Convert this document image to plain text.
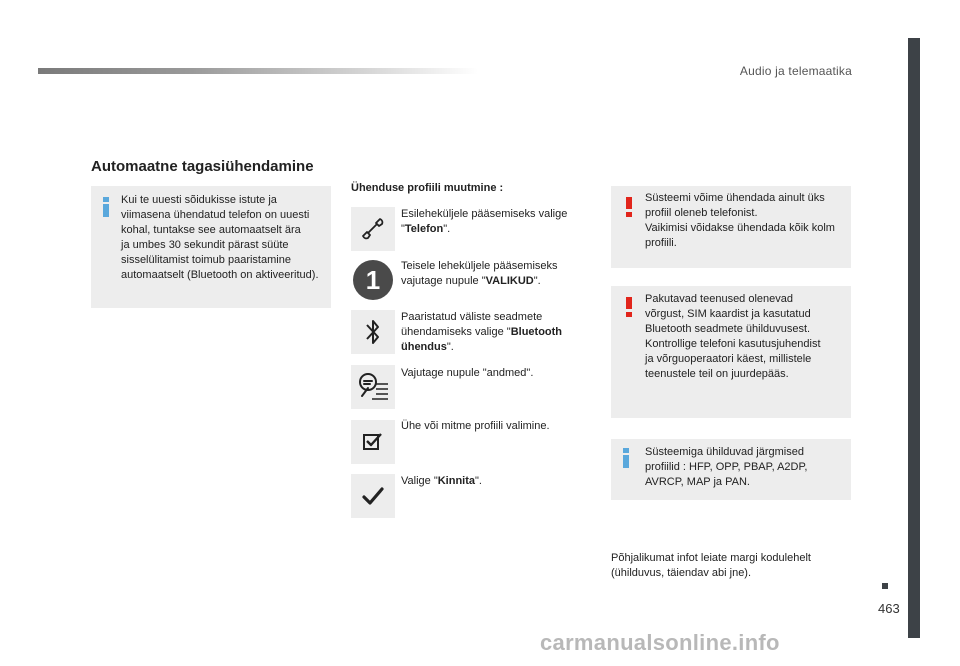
Audio ja telemaatika
463
Automaatne tagasiühendamine
Kui te uuesti sõidukisse istute ja
viimasena ühendatud telefon on uuesti
kohal, tuntakse see automaatselt ära
ja umbes 30 sekundit pärast süüte
sisselülitamist toimub paaristamine
automaatselt (Bluetooth on aktiveeritud).
Ühenduse profiili muutmine :
Esileheküljele pääsemiseks valige "Telefon".
1	Teisele leheküljele pääsemiseks vajutage nupule "VALIKUD".
Paaristatud väliste seadmete ühendamiseks valige "Bluetooth ühendus".
Vajutage nupule "andmed".
Ühe või mitme profiili valimine.
Valige "Kinnita".
Süsteemi võime ühendada ainult üks
profiil oleneb telefonist.
Vaikimisi võidakse ühendada kõik kolm
profiili.
Pakutavad teenused olenevad
võrgust, SIM kaardist ja kasutatud
Bluetooth seadmete ühilduvusest.
Kontrollige telefoni kasutusjuhendist
ja võrguoperaatori käest, millistele
teenustele teil on juurdepääs.
Süsteemiga ühilduvad järgmised
profiilid : HFP, OPP, PBAP, A2DP,
AVRCP, MAP ja PAN.
Põhjalikumat infot leiate margi kodulehelt
(ühilduvus, täiendav abi jne).
carmanualsonline.info
